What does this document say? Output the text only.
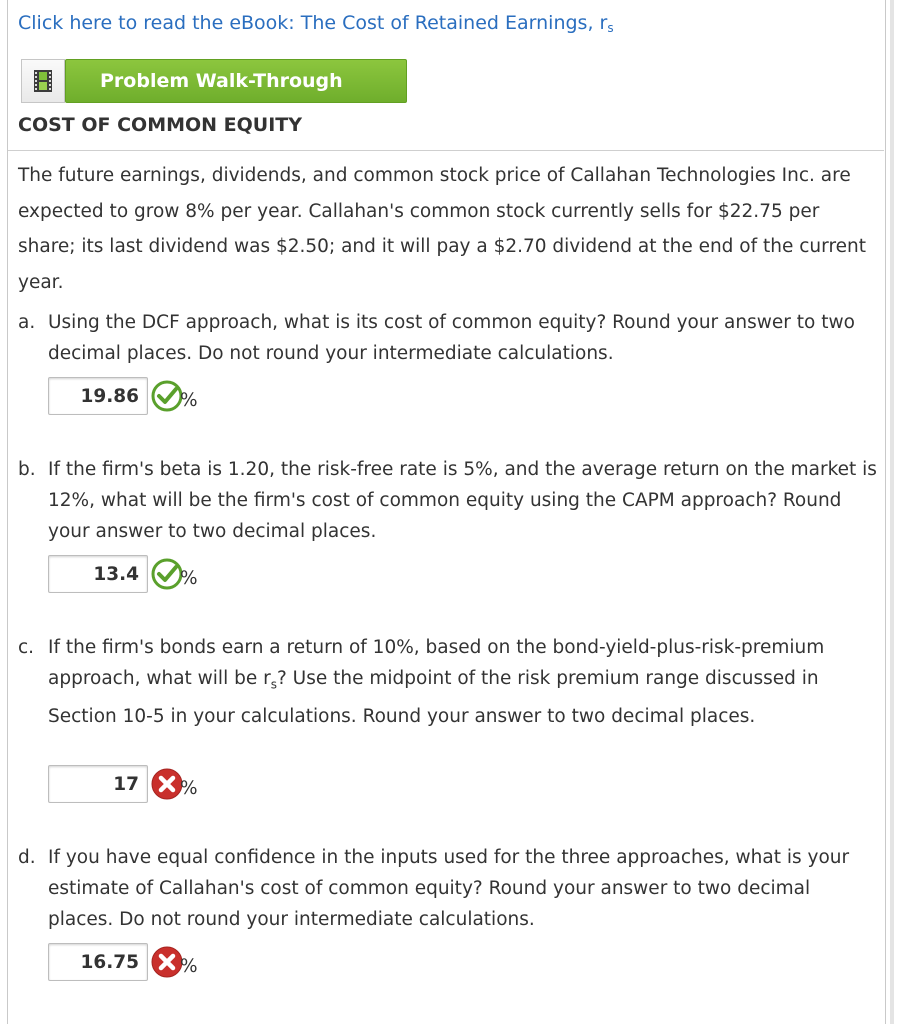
Click here to read the eBook: The Cost of Retained Earnings, $r_s$
Problem Walk-Through
COST OF COMMON EQUITY
The future earnings, dividends, and common stock price of Callahan Technologies Inc. are expected to grow 8% per year. Callahan's common stock currently sells for $22.75 per share; its last dividend was $2.50; and it will pay a $2.70 dividend at the end of the current year.
a. Using the DCF approach, what is its cost of common equity? Round your answer to two decimal places. Do not round your intermediate calculations.
19.86	%
b. If the firm's beta is 1.20, the risk-free rate is 5%, and the average return on the market is 12%, what will be the firm's cost of common equity using the CAPM approach? Round your answer to two decimal places.
13.4	%
c. If the firm's bonds earn a return of 10%, based on the bond-yield-plus-risk-premium approach, what will be $r_s$? Use the midpoint of the risk premium range discussed in Section 10-5 in your calculations. Round your answer to two decimal places.
17	%
d. If you have equal confidence in the inputs used for the three approaches, what is your estimate of Callahan's cost of common equity? Round your answer to two decimal places. Do not round your intermediate calculations.
16.75	%
